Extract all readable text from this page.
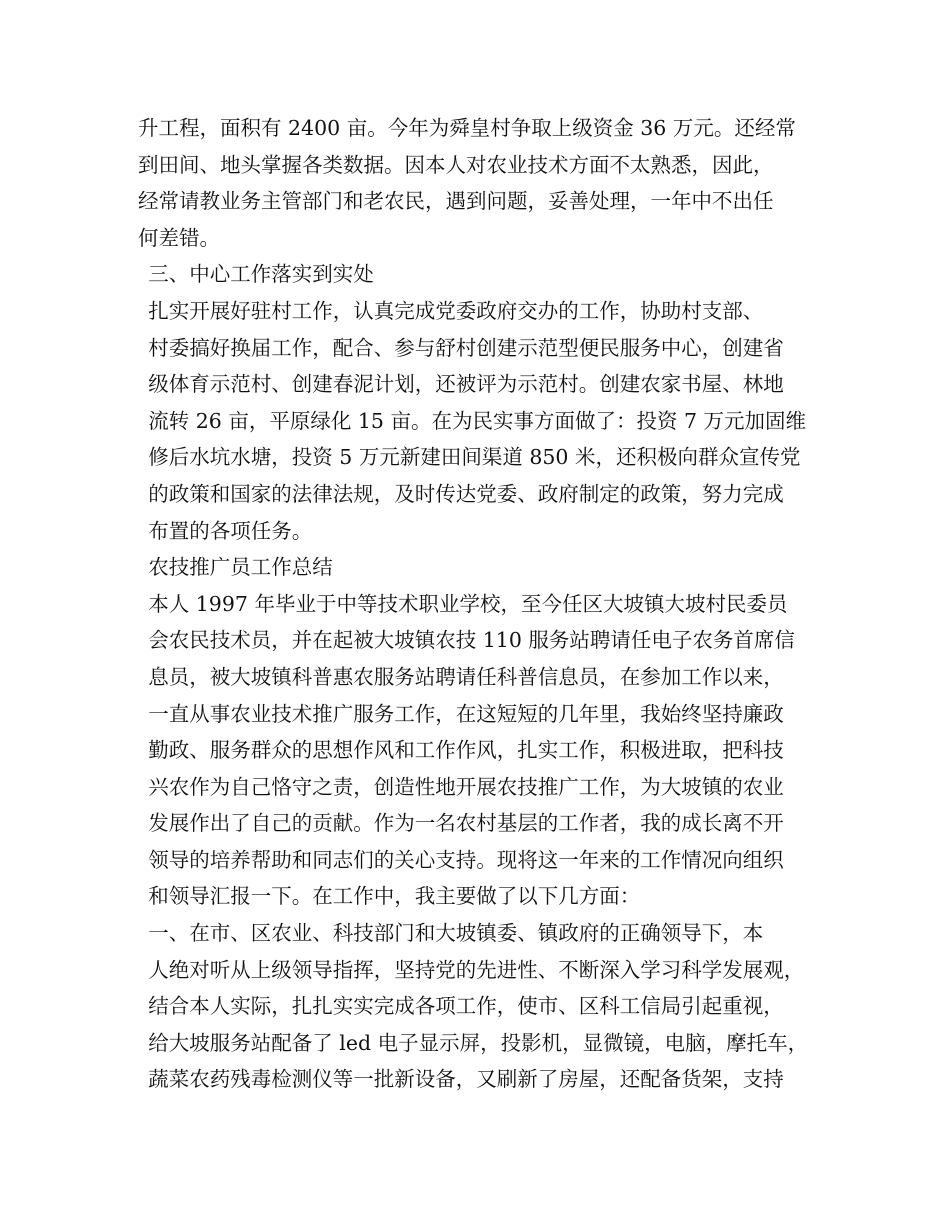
升工程，面积有 2400 亩。今年为舜皇村争取上级资金 36 万元。还经常
到田间、地头掌握各类数据。因本人对农业技术方面不太熟悉，因此，
经常请教业务主管部门和老农民，遇到问题，妥善处理，一年中不出任
何差错。
三、中心工作落实到实处
扎实开展好驻村工作，认真完成党委政府交办的工作，协助村支部、
村委搞好换届工作，配合、参与舒村创建示范型便民服务中心，创建省
级体育示范村、创建春泥计划，还被评为示范村。创建农家书屋、林地
流转 26 亩，平原绿化 15 亩。在为民实事方面做了：投资 7 万元加固维
修后水坑水塘，投资 5 万元新建田间渠道 850 米，还积极向群众宣传党
的政策和国家的法律法规，及时传达党委、政府制定的政策，努力完成
布置的各项任务。
农技推广员工作总结
本人 1997 年毕业于中等技术职业学校，至今任区大坡镇大坡村民委员
会农民技术员，并在起被大坡镇农技 110 服务站聘请任电子农务首席信
息员，被大坡镇科普惠农服务站聘请任科普信息员，在参加工作以来，
一直从事农业技术推广服务工作，在这短短的几年里，我始终坚持廉政
勤政、服务群众的思想作风和工作作风，扎实工作，积极进取，把科技
兴农作为自己恪守之责，创造性地开展农技推广工作，为大坡镇的农业
发展作出了自己的贡献。作为一名农村基层的工作者，我的成长离不开
领导的培养帮助和同志们的关心支持。现将这一年来的工作情况向组织
和领导汇报一下。在工作中，我主要做了以下几方面：
一、在市、区农业、科技部门和大坡镇委、镇政府的正确领导下，本
人绝对听从上级领导指挥，坚持党的先进性、不断深入学习科学发展观，
结合本人实际，扎扎实实完成各项工作，使市、区科工信局引起重视，
给大坡服务站配备了 led 电子显示屏，投影机，显微镜，电脑，摩托车，
蔬菜农药残毒检测仪等一批新设备，又刷新了房屋，还配备货架，支持
